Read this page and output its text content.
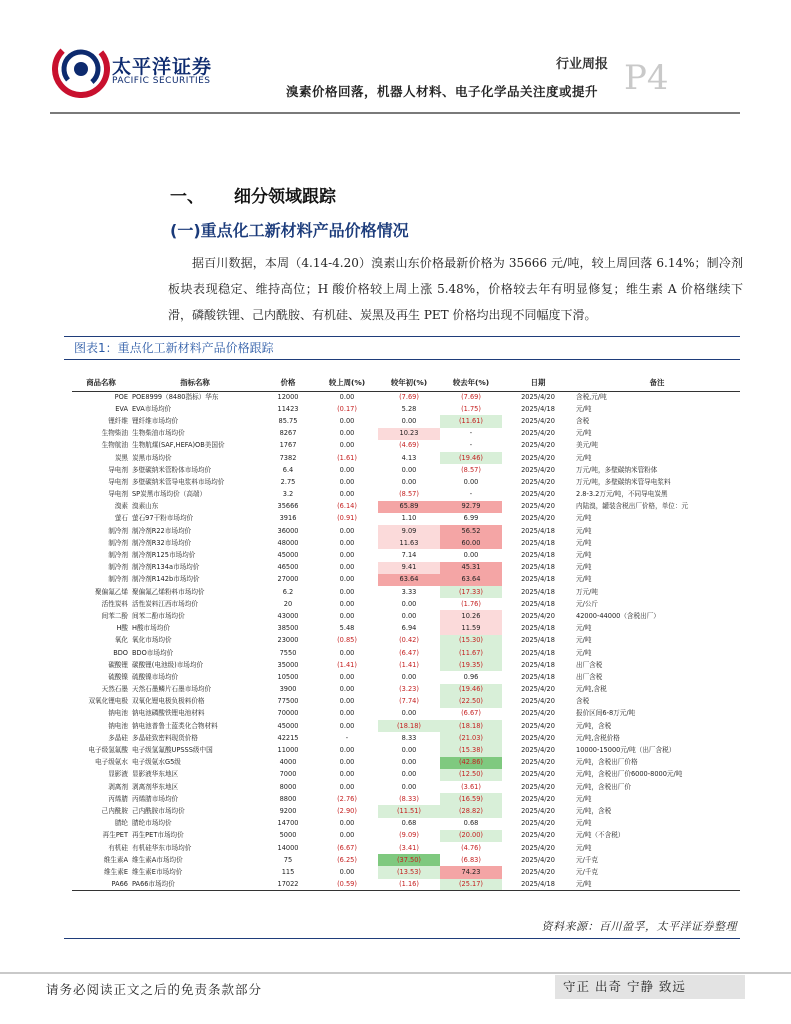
太平洋证券
PACIFIC SECURITIES
行业周报
溴素价格回落，机器人材料、电子化学品关注度或提升 P4
一、 细分领域跟踪
(一)重点化工新材料产品价格情况

据百川数据，本周（4.14-4.20）溴素山东价格最新价格为 35666 元/吨，较上周回落 6.14%；制冷剂板块表现稳定、维持高位；H 酸价格较上周上涨 5.48%，价格较去年有明显修复；维生素 A 价格继续下滑，磷酸铁锂、己内酰胺、有机硅、炭黑及再生 PET 价格均出现不同幅度下滑。

图表1：重点化工新材料产品价格跟踪
商品名称	指标名称	价格	较上周(%)	较年初(%)	较去年(%)	日期	备注
POE	POE8999（8480指标）华东	12000	0.00	(7.69)	(7.69)	2025/4/20	含税,元/吨
EVA	EVA市场均价	11423	(0.17)	5.28	(1.75)	2025/4/18	元/吨
锂纤维	锂纤维市场均价	85.75	0.00	0.00	(11.61)	2025/4/20	含税
生物柴油	生物柴油市场均价	8267	0.00	10.23	-	2025/4/20	元/吨
生物航油	生物航煤(SAF,HEFA)OB美国价	1767	0.00	(4.69)	-	2025/4/20	美元/吨
炭黑	炭黑市场均价	7382	(1.61)	4.13	(19.46)	2025/4/20	元/吨
导电剂	多壁碳纳米管粉体市场均价	6.4	0.00	0.00	(8.57)	2025/4/20	万元/吨，多壁碳纳米管粉体
导电剂	多壁碳纳米管导电浆料市场均价	2.75	0.00	0.00	0.00	2025/4/20	万元/吨，多壁碳纳米管导电浆料
导电剂	SP炭黑市场均价（高端）	3.2	0.00	(8.57)	-	2025/4/20	2.8-3.2万元/吨，不同导电炭黑
溴素	溴素山东	35666	(6.14)	65.89	92.79	2025/4/20	内陆溴，罐装含税出厂价格，单位：元
萤石	萤石97干粉市场均价	3916	(0.91)	1.10	6.99	2025/4/20	元/吨
制冷剂	制冷剂R22市场均价	36000	0.00	9.09	56.52	2025/4/18	元/吨
制冷剂	制冷剂R32市场均价	48000	0.00	11.63	60.00	2025/4/18	元/吨
制冷剂	制冷剂R125市场均价	45000	0.00	7.14	0.00	2025/4/18	元/吨
制冷剂	制冷剂R134a市场均价	46500	0.00	9.41	45.31	2025/4/18	元/吨
制冷剂	制冷剂R142b市场均价	27000	0.00	63.64	63.64	2025/4/18	元/吨
聚偏氟乙烯	聚偏氟乙烯粉料市场均价	6.2	0.00	3.33	(17.33)	2025/4/18	万元/吨
活性炭料	活性炭料江西市场均价	20	0.00	0.00	(1.76)	2025/4/18	元/公斤
间苯二酚	间苯二酚市场均价	43000	0.00	0.00	10.26	2025/4/20	42000-44000（含税出厂）
H酸	H酸市场均价	38500	5.48	6.94	11.59	2025/4/18	元/吨
氧化	氧化市场均价	23000	(0.85)	(0.42)	(15.30)	2025/4/18	元/吨
BDO	BDO市场均价	7550	0.00	(6.47)	(11.67)	2025/4/18	元/吨
碳酸锂	碳酸锂(电池级)市场均价	35000	(1.41)	(1.41)	(19.35)	2025/4/18	出厂含税
硫酸镍	硫酸镍市场均价	10500	0.00	0.00	0.96	2025/4/18	出厂含税
天然石墨	天然石墨鳞片石墨市场均价	3900	0.00	(3.23)	(19.46)	2025/4/20	元/吨,含税
双氧化锂电极	双氧化锂电极负极料价格	77500	0.00	(7.74)	(22.50)	2025/4/20	含税
钠电池	钠电池磷酸铁锂电池材料	70000	0.00	0.00	(6.67)	2025/4/20	报价区间6-8万元/吨
钠电池	钠电池普鲁士蓝类化合物材料	45000	0.00	(18.18)	(18.18)	2025/4/20	元/吨，含税
多晶硅	多晶硅致密料现货价格	42215	-	8.33	(21.03)	2025/4/20	元/吨,含税价格
电子级氢氟酸	电子级氢氟酸UPSSS级中国	11000	0.00	0.00	(15.38)	2025/4/20	10000-15000元/吨（出厂含税）
电子级氨水	电子级氨水G5级	4000	0.00	0.00	(42.86)	2025/4/20	元/吨，含税出厂价格
显影液	显影液华东地区	7000	0.00	0.00	(12.50)	2025/4/20	元/吨，含税出厂价6000-8000元/吨
剥离剂	剥离剂华东地区	8000	0.00	0.00	(3.61)	2025/4/20	元/吨，含税出厂价
丙烯腈	丙烯腈市场均价	8800	(2.76)	(8.33)	(16.59)	2025/4/20	元/吨
己内酰胺	己内酰胺市场均价	9200	(2.90)	(11.51)	(28.82)	2025/4/20	元/吨，含税
腈纶	腈纶市场均价	14700	0.00	0.68	0.68	2025/4/20	元/吨
再生PET	再生PET市场均价	5000	0.00	(9.09)	(20.00)	2025/4/20	元/吨（不含税）
有机硅	有机硅华东市场均价	14000	(6.67)	(3.41)	(4.76)	2025/4/20	元/吨
维生素A	维生素A市场均价	75	(6.25)	(37.50)	(6.83)	2025/4/20	元/千克
维生素E	维生素E市场均价	115	0.00	(13.53)	74.23	2025/4/20	元/千克
PA66	PA66市场均价	17022	(0.59)	(1.16)	(25.17)	2025/4/18	元/吨
资料来源：百川盈孚，太平洋证券整理
请务必阅读正文之后的免责条款部分	守正 出奇 宁静 致远
